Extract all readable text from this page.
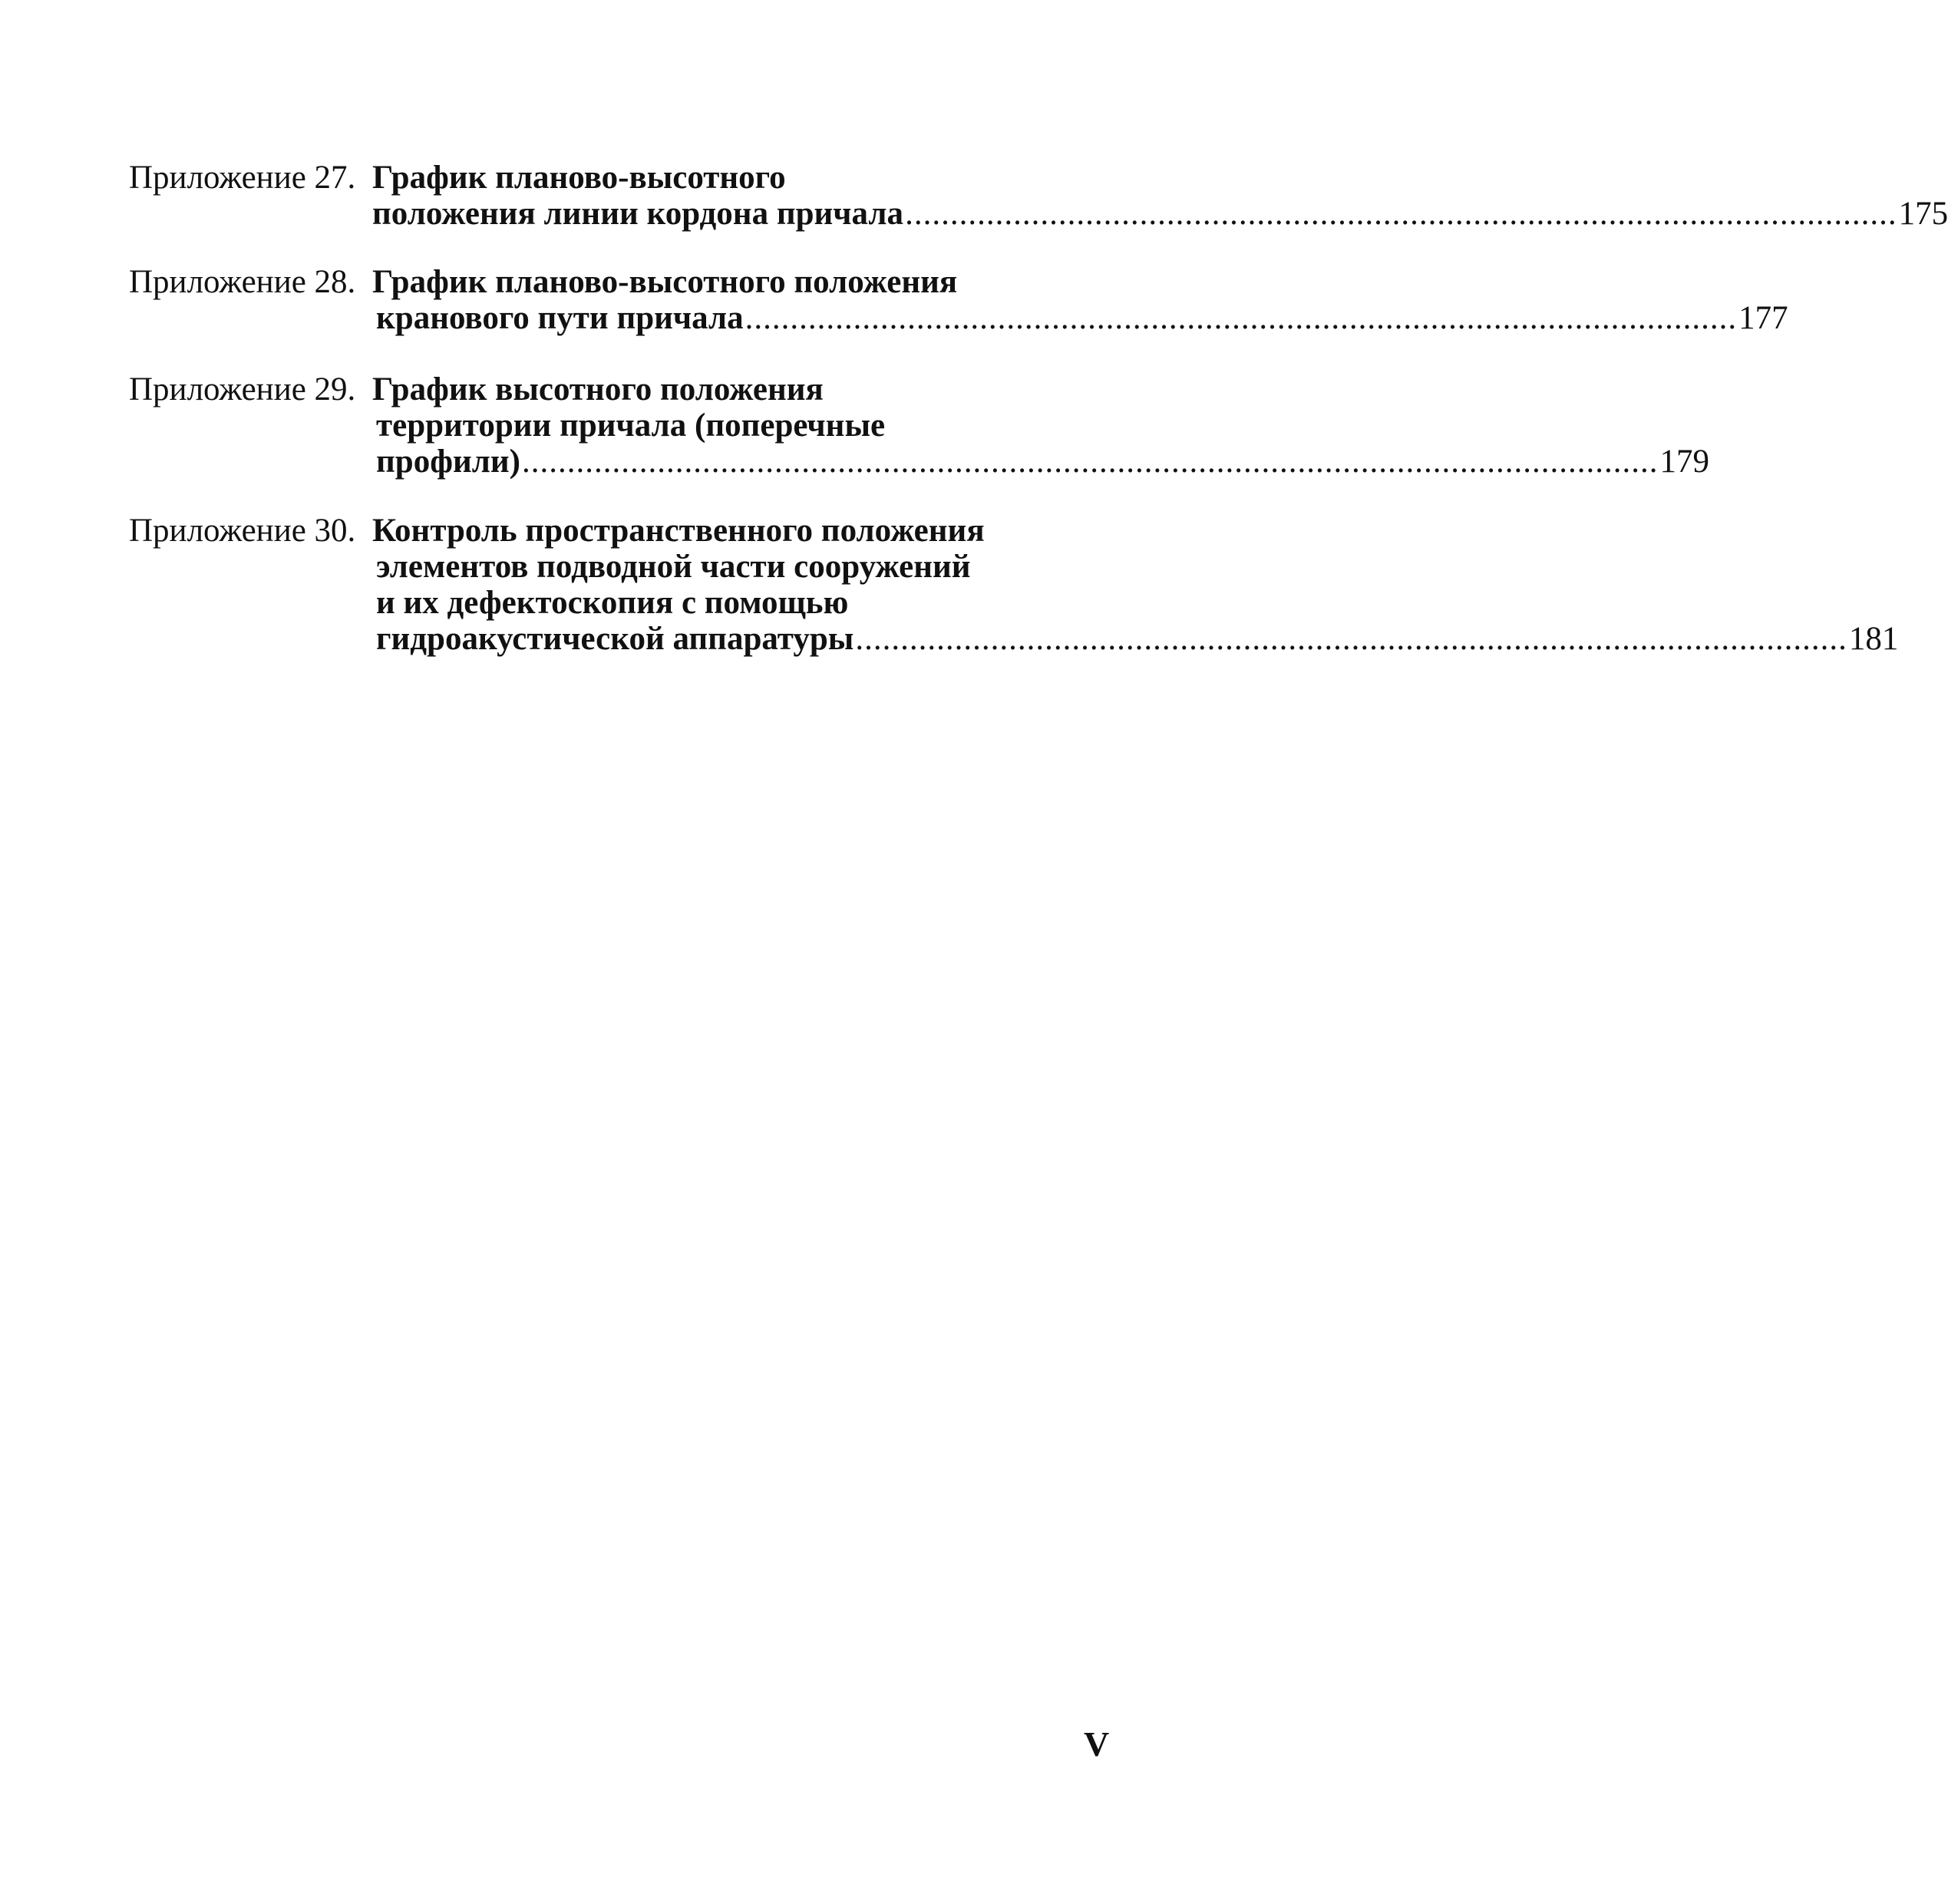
Приложение 27. График планово-высотного
положения линии кордона причала .............................................................................................................. 175
Приложение 28. График планово-высотного положения
кранового пути причала .............................................................................................................. 177
Приложение 29. График высотного положения
территории причала (поперечные
профили) .............................................................................................................................. 179
Приложение 30. Контроль пространственного положения
элементов подводной части сооружений
и их дефектоскопия с помощью
гидроакустической аппаратуры .............................................................................................................. 181
V
